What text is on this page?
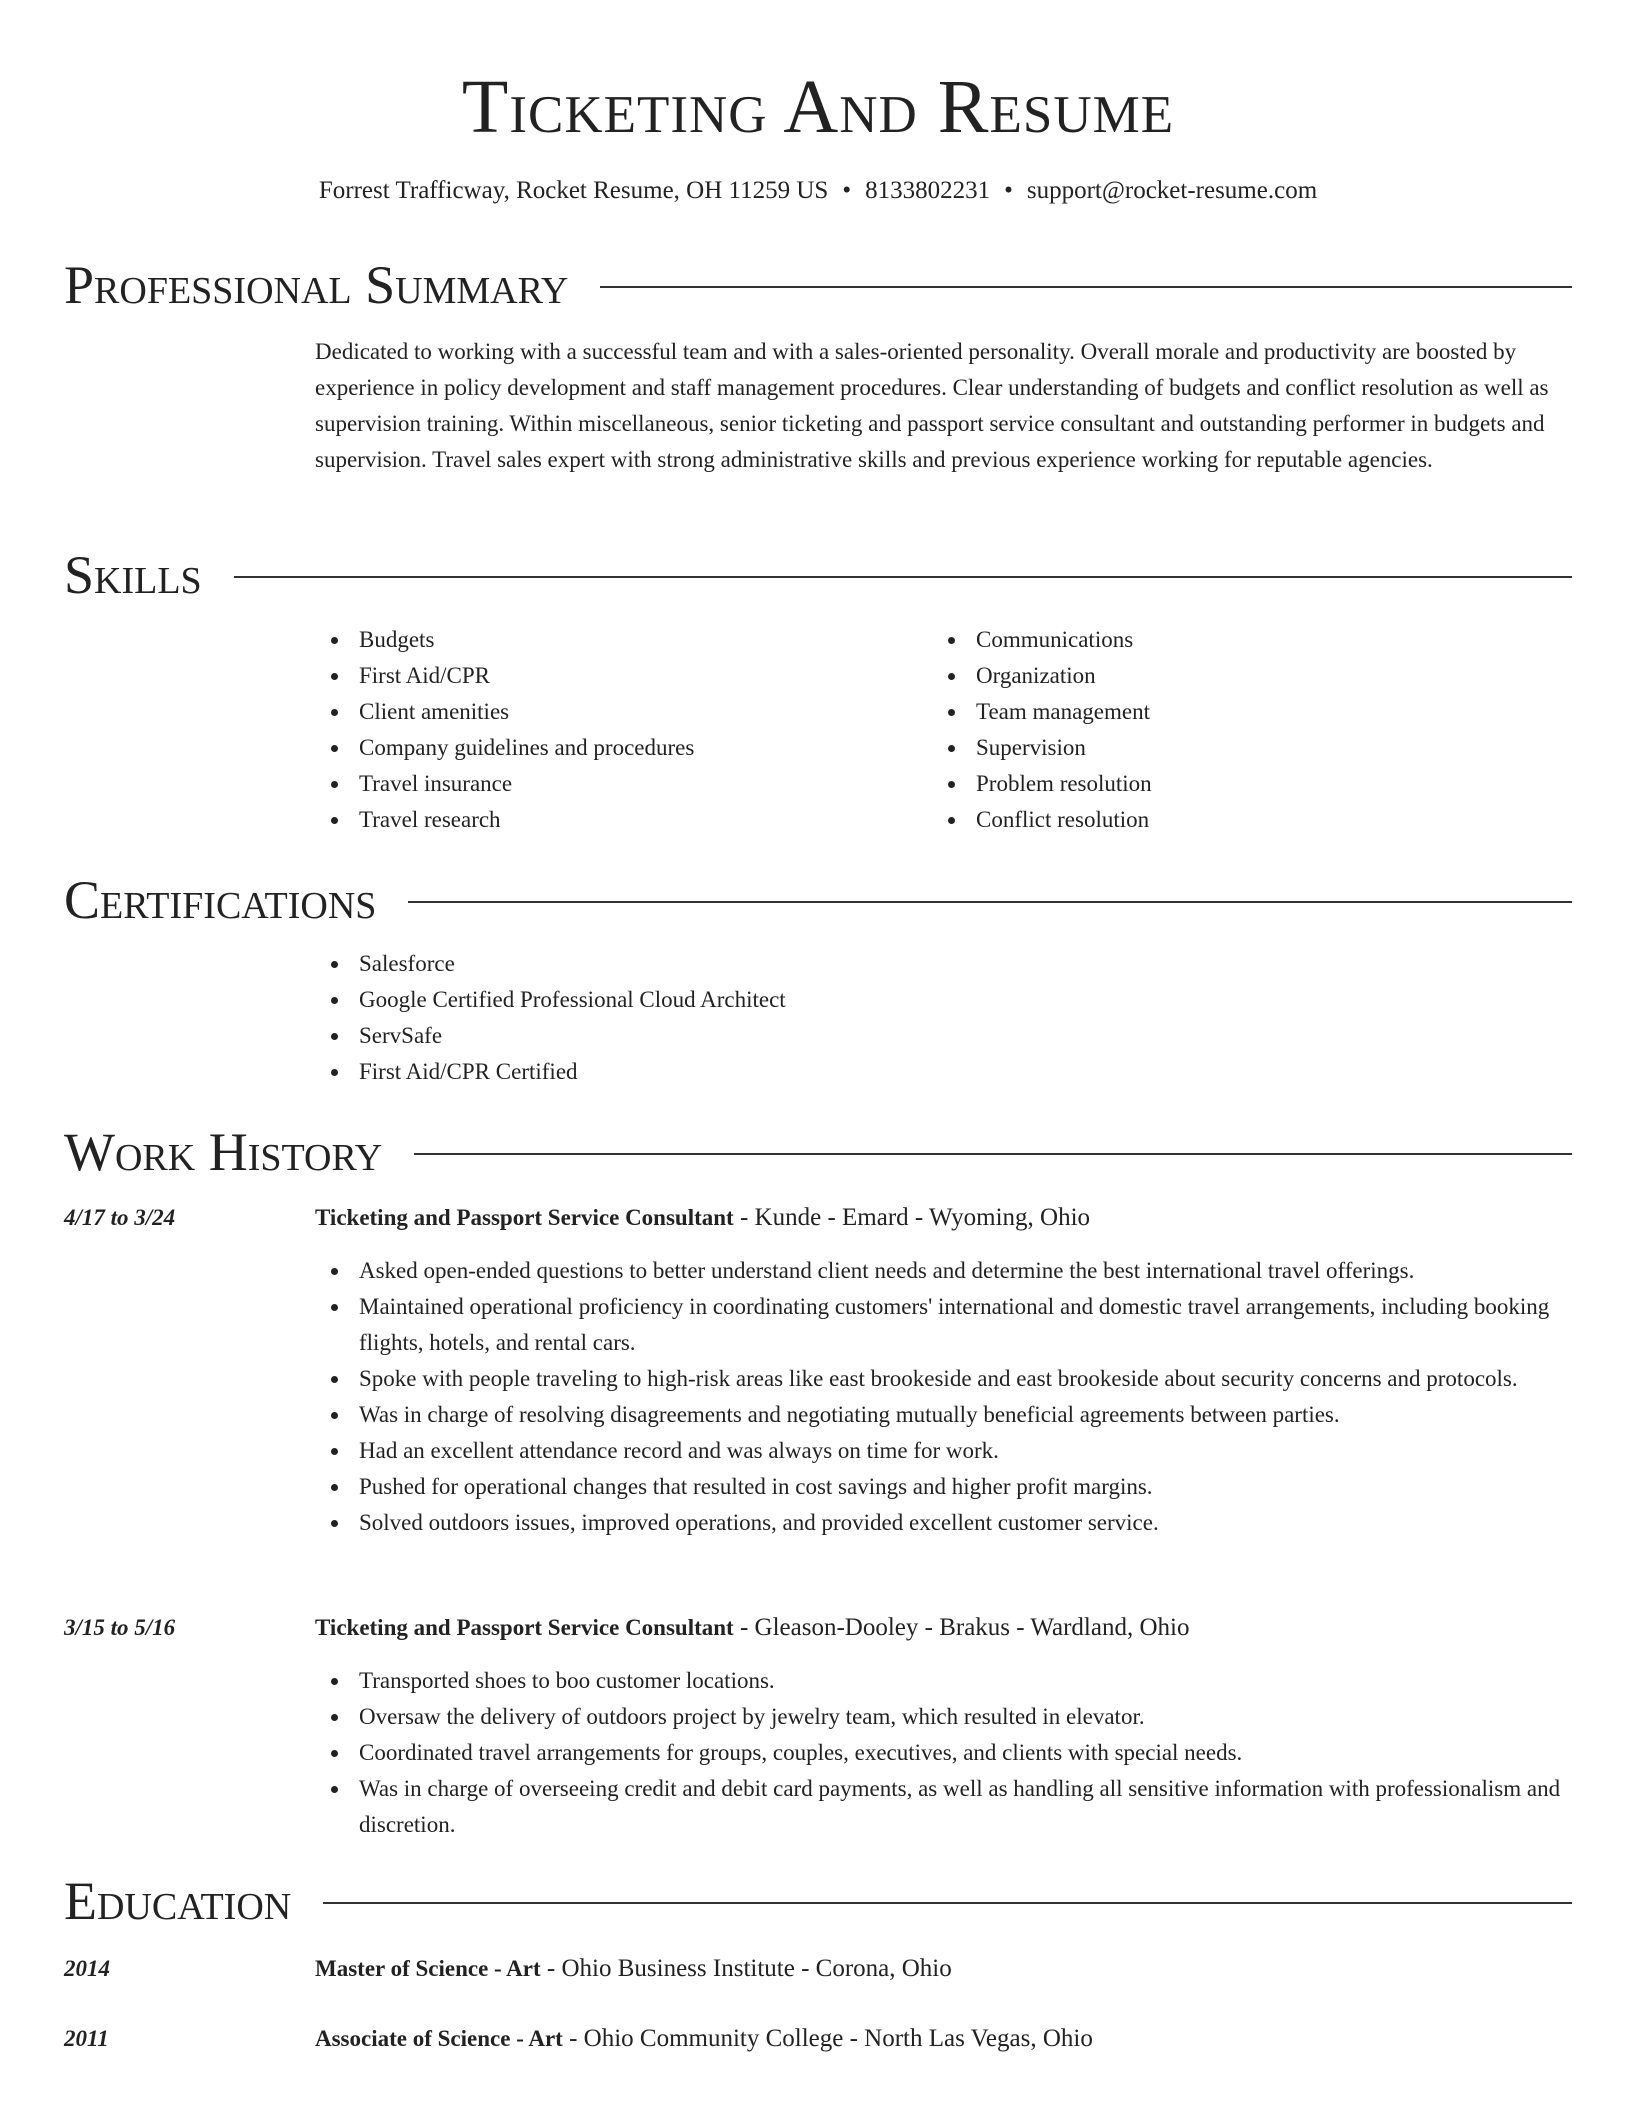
Ticketing And Resume
Forrest Trafficway, Rocket Resume, OH 11259 US • 8133802231 • support@rocket-resume.com
Professional Summary
Dedicated to working with a successful team and with a sales-oriented personality. Overall morale and productivity are boosted by experience in policy development and staff management procedures. Clear understanding of budgets and conflict resolution as well as supervision training. Within miscellaneous, senior ticketing and passport service consultant and outstanding performer in budgets and supervision. Travel sales expert with strong administrative skills and previous experience working for reputable agencies.
Skills
Budgets
First Aid/CPR
Client amenities
Company guidelines and procedures
Travel insurance
Travel research
Communications
Organization
Team management
Supervision
Problem resolution
Conflict resolution
Certifications
Salesforce
Google Certified Professional Cloud Architect
ServSafe
First Aid/CPR Certified
Work History
4/17 to 3/24	Ticketing and Passport Service Consultant - Kunde - Emard - Wyoming, Ohio
Asked open-ended questions to better understand client needs and determine the best international travel offerings.
Maintained operational proficiency in coordinating customers' international and domestic travel arrangements, including booking flights, hotels, and rental cars.
Spoke with people traveling to high-risk areas like east brookeside and east brookeside about security concerns and protocols.
Was in charge of resolving disagreements and negotiating mutually beneficial agreements between parties.
Had an excellent attendance record and was always on time for work.
Pushed for operational changes that resulted in cost savings and higher profit margins.
Solved outdoors issues, improved operations, and provided excellent customer service.
3/15 to 5/16	Ticketing and Passport Service Consultant - Gleason-Dooley - Brakus - Wardland, Ohio
Transported shoes to boo customer locations.
Oversaw the delivery of outdoors project by jewelry team, which resulted in elevator.
Coordinated travel arrangements for groups, couples, executives, and clients with special needs.
Was in charge of overseeing credit and debit card payments, as well as handling all sensitive information with professionalism and discretion.
Education
2014	Master of Science - Art - Ohio Business Institute - Corona, Ohio
2011	Associate of Science - Art - Ohio Community College - North Las Vegas, Ohio
